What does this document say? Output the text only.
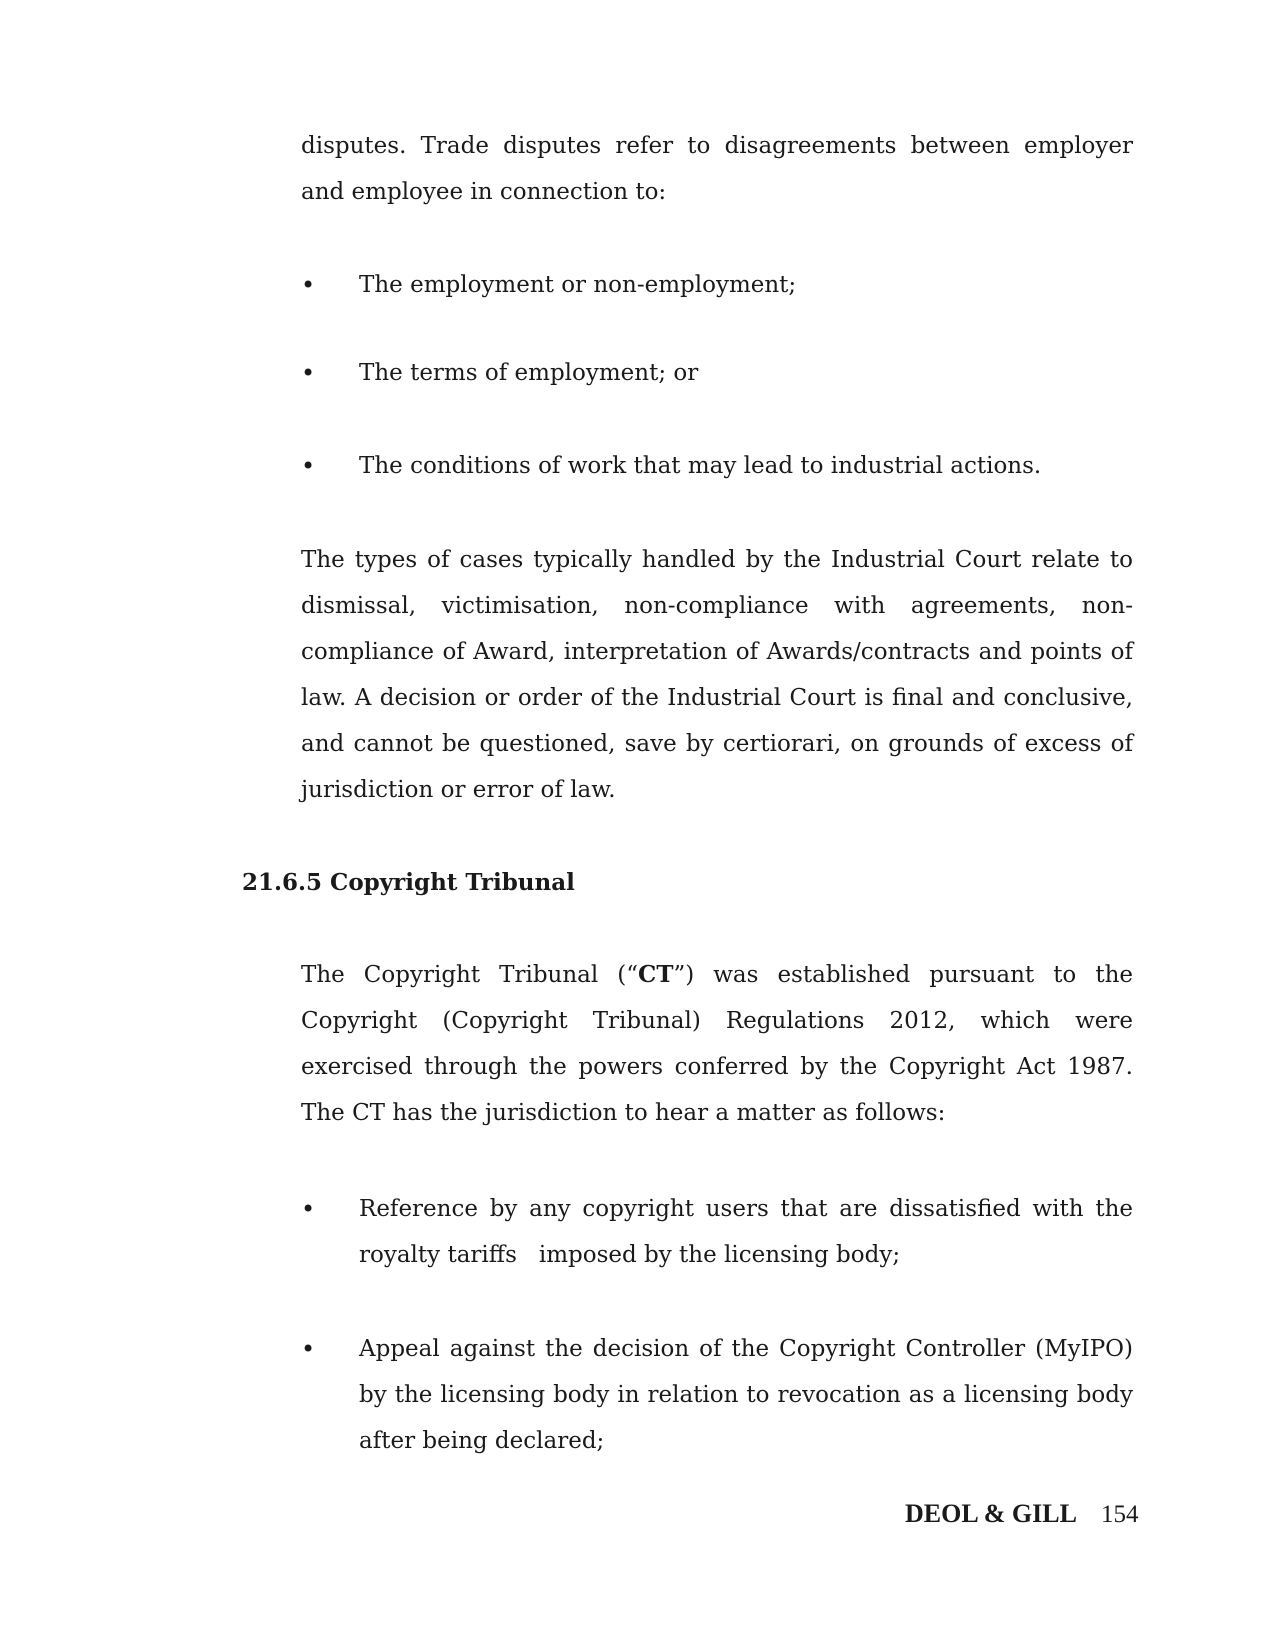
disputes. Trade disputes refer to disagreements between employer and employee in connection to:

•	The employment or non-employment;
•	The terms of employment; or
•	The conditions of work that may lead to industrial actions.

The types of cases typically handled by the Industrial Court relate to dismissal, victimisation, non-compliance with agreements, non-compliance of Award, interpretation of Awards/contracts and points of law. A decision or order of the Industrial Court is final and conclusive, and cannot be questioned, save by certiorari, on grounds of excess of jurisdiction or error of law.

21.6.5 Copyright Tribunal

The Copyright Tribunal (“CT”) was established pursuant to the Copyright (Copyright Tribunal) Regulations 2012, which were exercised through the powers conferred by the Copyright Act 1987. The CT has the jurisdiction to hear a matter as follows:

•	Reference by any copyright users that are dissatisfied with the royalty tariffs   imposed by the licensing body;
•	Appeal against the decision of the Copyright Controller (MyIPO) by the licensing body in relation to revocation as a licensing body after being declared;
DEOL & GILL 154
